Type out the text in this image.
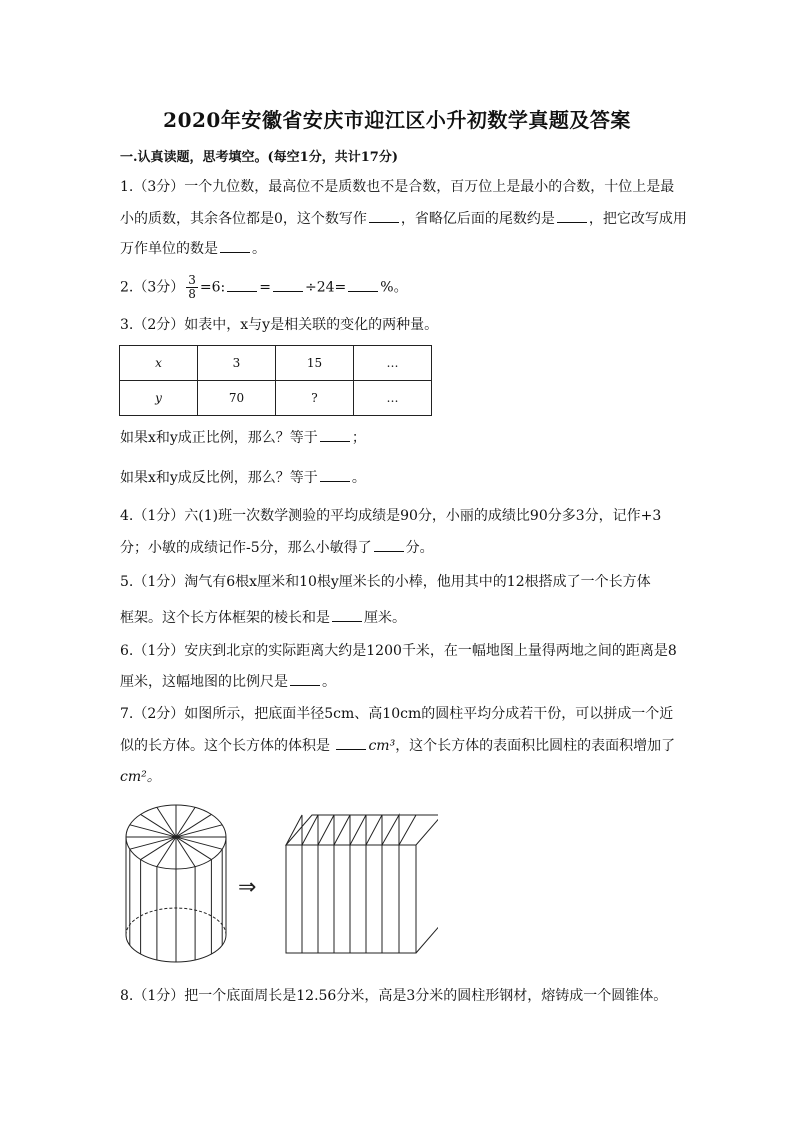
2020年安徽省安庆市迎江区小升初数学真题及答案
一.认真读题，思考填空。(每空1分，共计17分)
1.（3分）一个九位数，最高位不是质数也不是合数，百万位上是最小的合数，十位上是最
小的质数，其余各位都是0，这个数写作 ，省略亿后面的尾数约是 ，把它改写成用
万作单位的数是 。
2.（3分） $\frac{3}{8} =6$: = ÷24= %。
3.（2分）如表中，x与y是相关联的变化的两种量。
x	3	15	…
y	70	?	…
如果x和y成正比例，那么？等于 ；
如果x和y成反比例，那么？等于 。
4.（1分）六(1)班一次数学测验的平均成绩是90分，小丽的成绩比90分多3分，记作+3
分；小敏的成绩记作-5分，那么小敏得了 分。
5.（1分）淘气有6根x厘米和10根y厘米长的小棒，他用其中的12根搭成了一个长方体
框架。这个长方体框架的棱长和是 厘米。
6.（1分）安庆到北京的实际距离大约是1200千米，在一幅地图上量得两地之间的距离是8
厘米，这幅地图的比例尺是 。
7.（2分）如图所示，把底面半径5cm、高10cm的圆柱平均分成若干份，可以拼成一个近
似的长方体。这个长方体的体积是 cm³，这个长方体的表面积比圆柱的表面积增加了
cm²。
⇒
8.（1分）把一个底面周长是12.56分米，高是3分米的圆柱形钢材，熔铸成一个圆锥体。
